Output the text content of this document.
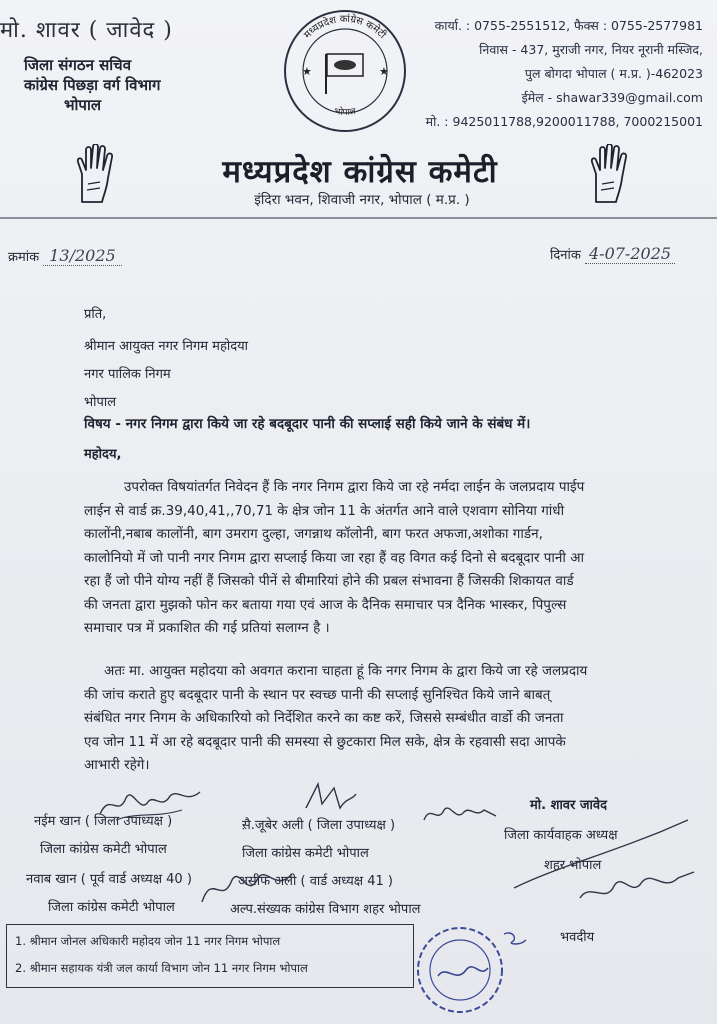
मो. शावर ( जावेद )
जिला संगठन सचिव
कांग्रेस पिछड़ा वर्ग विभाग
भोपाल
मध्यप्रदेश कांग्रेस कमेटी
भोपाल
★	★
कार्या. : 0755-2551512, फैक्स : 0755-2577981
निवास - 437, मुराजी नगर, नियर नूरानी मस्जिद,
पुल बोगदा भोपाल ( म.प्र. )-462023
ईमेल - shawar339@gmail.com
मो. : 9425011788,9200011788, 7000215001
मध्यप्रदेश कांग्रेस कमेटी
इंदिरा भवन, शिवाजी नगर, भोपाल ( म.प्र. )
क्रमांक 13/2025	दिनांक 4-07-2025
प्रति,
श्रीमान आयुक्त नगर निगम महोदया
नगर पालिक निगम
भोपाल
विषय - नगर निगम द्वारा किये जा रहे बदबूदार पानी की सप्लाई सही किये जाने के संबंध में।
महोदय,
उपरोक्त विषयांतर्गत निवेदन हैं कि नगर निगम द्वारा किये जा रहे नर्मदा लाईन के जलप्रदाय पाईप
लाईन से वार्ड क्र.39,40,41,,70,71 के क्षेत्र जोन 11 के अंतर्गत आने वाले एशवाग सोनिया गांधी
कालोंनी,नबाब कालोंनी, बाग उमराग दुल्हा, जगन्नाथ कॉलोनी, बाग फरत अफजा,अशोका गार्डन,
कालोनियो में जो पानी नगर निगम द्वारा सप्लाई किया जा रहा हैं वह विगत कई दिनो से बदबूदार पानी आ
रहा हैं जो पीने योग्य नहीं हैं जिसको पीनें से बीमारियां होने की प्रबल संभावना हैं जिसकी शिकायत वार्ड
की जनता द्वारा मुझको फोन कर बताया गया एवं आज के दैनिक समाचार पत्र दैनिक भास्कर, पिपुल्स
समाचार पत्र में प्रकाशित की गई प्रतियां सलाग्न है ।
अतः मा. आयुक्त महोदया को अवगत कराना चाहता हूं कि नगर निगम के द्वारा किये जा रहे जलप्रदाय
की जांच कराते हुए बदबूदार पानी के स्थान पर स्वच्छ पानी की सप्लाई सुनिश्चित किये जाने बाबत्
संबंधित नगर निगम के अधिकारियो को निर्देशित करने का कष्ट करें, जिससे सम्बंधीत वार्डो की जनता
एव जोन 11 में आ रहे बदबूदार पानी की समस्या से छुटकारा मिल सके, क्षेत्र के रहवासी सदा आपके
आभारी रहेगे।
नईम खान ( जिला उपाध्यक्ष )
जिला कांग्रेस कमेटी भोपाल
स़ै.जूबेर अली ( जिला उपाध्यक्ष )
जिला कांग्रेस कमेटी भोपाल
नवाब खान ( पूर्व वार्ड अध्यक्ष 40 )
जिला कांग्रेस कमेटी भोपाल
असीफ अली ( वार्ड अध्यक्ष 41 )
अल्प.संख्यक कांग्रेस विभाग शहर भोपाल
मो. शावर जावेद
जिला कार्यवाहक अध्यक्ष
शहर भोपाल
भवदीय
1. श्रीमान जोनल अधिकारी महोदय जोन 11 नगर निगम भोपाल
2. श्रीमान सहायक यंत्री जल कार्या विभाग जोन 11 नगर निगम भोपाल
